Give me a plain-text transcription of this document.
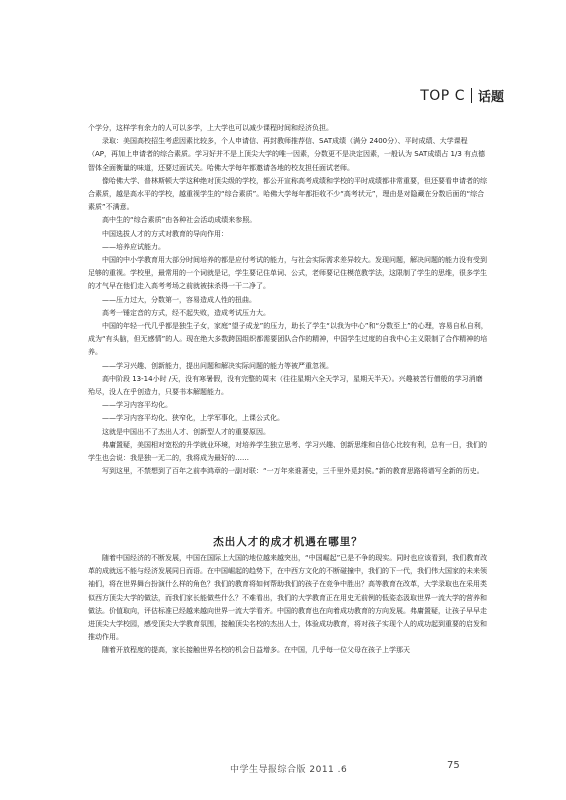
TOP C 话题

个学分，这样学有余力的人可以多学，上大学也可以减少课程时间和经济负担。

录取：美国高校招生考虑因素比较多，个人申请信、再封教师推荐信、SAT成绩（满分 2400分）、平时成绩、大学课程（AP，再加上申请者的综合素质。学习好并不是上顶尖大学的唯一因素，分数更不是决定因素，一般认为 SAT成绩占 1/3 有点德智体全面衡量的味道，还要过面试关。哈佛大学每年都邀请各地的校友担任面试老师。

像哈佛大学、普林斯顿大学这种绝对顶尖级的学校，都公开宣称高考成绩和学校的平时成绩都非常重要，但还要看申请者的综合素质，越是高水平的学校，越重视学生的“综合素质”。哈佛大学每年都拒收不少“高考状元”，理由是对隐藏在分数后面的“综合素质”不满意。

高中生的“综合素质”由各种社会活动成绩来参照。

中国选拔人才的方式对教育的导向作用：

——培养应试能力。

中国的中小学教育用大部分时间培养的都是应付考试的能力，与社会实际需求差异较大。发现问题，解决问题的能力没有受到足够的重视。学校里，最常用的一个词就是记，学生要记住单词、公式，老师要记住模范教学法，这限制了学生的思维，很多学生的才气早在他们走入高考考场之前就被抹杀得一干二净了。

——压力过大，分数第一，容易造成人性的扭曲。

高考一锤定音的方式，经不起失败，造成考试压力大。

中国的年轻一代几乎都是独生子女，家庭“望子成龙”的压力，助长了学生“以我为中心”和“分数至上”的心理，容易自私自利，成为“有头脑，但无感情”的人。现在绝大多数跨国组织都需要团队合作的精神，中国学生过度的自我中心主义限制了合作精神的培养。

——学习兴趣、创新能力，提出问题和解决实际问题的能力等被严重忽视。

高中阶段 13-14小时 /天，没有寒暑假，没有完整的周末（往往星期六全天学习，星期天半天）。兴趣被苦行僧般的学习消磨殆尽，没人在乎创造力，只要书本解题能力。

——学习内容平均化。

——学习内容平均化、狭窄化，上学军事化，上课公式化。

这就是中国出不了杰出人才、创新型人才的重要原因。

弗庸置疑，美国相对宽松的升学就业环境，对培养学生独立思考、学习兴趣、创新思维和自信心比较有利，总有一日，我们的学生也会说：我是独一无二的，我将成为最好的……

写到这里，不禁想到了百年之前李鸿章的一副对联：“一万年来谁著史，三千里外觅封侯。”新的教育思路将谱写全新的历史。

杰出人才的成才机遇在哪里？

随着中国经济的不断发展，中国在国际上大国的地位越来越突出，“中国崛起”已是不争的现实。同时也应该看到，我们教育改革的成就远不能与经济发展同日而语。在中国崛起的趋势下，在中西方文化的不断碰撞中，我们的下一代，我们伟大国家的未来领袖们，将在世界舞台扮演什么样的角色？我们的教育将如何帮助我们的孩子在竞争中胜出？高等教育在改革，大学录取也在采用类似西方顶尖大学的做法，而我们家长能做些什么？不难看出，我们的大学教育正在用史无前例的低姿态汲取世界一流大学的营养和做法。价值取向，评估标准已经越来越向世界一流大学看齐。中国的教育也在向着成功教育的方向发展。弗庸置疑，让孩子早早走进顶尖大学校园，感受顶尖大学教育氛围，接触顶尖名校的杰出人士，体验成功教育，将对孩子实现个人的成功起到重要的启发和推动作用。

随着开放程度的提高，家长接触世界名校的机会日益增多。在中国，几乎每一位父母在孩子上学那天

中学生导报综合版 2011 .6	75
